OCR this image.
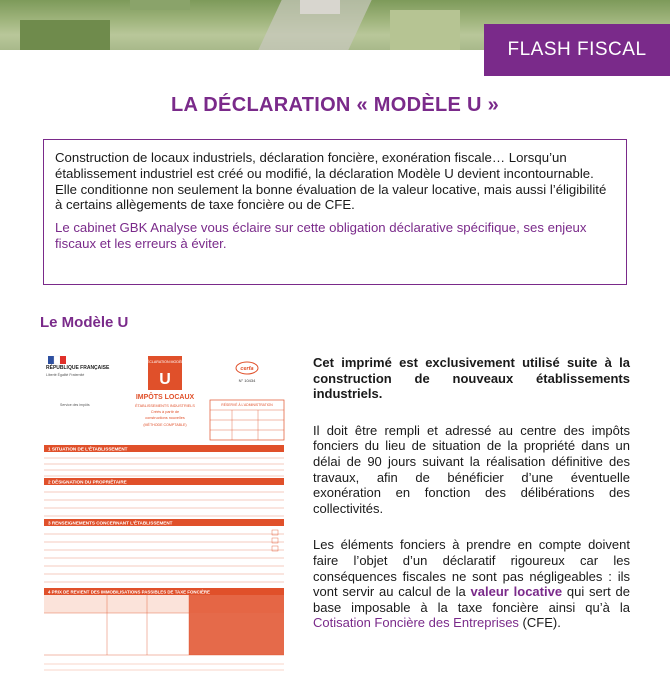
FLASH FISCAL
LA DÉCLARATION « MODÈLE U »

Construction de locaux industriels, déclaration foncière, exonération fiscale… Lorsqu’un établissement industriel est créé ou modifié, la déclaration Modèle U devient incontournable. Elle conditionne non seulement la bonne évaluation de la valeur locative, mais aussi l’éligibilité à certains allègements de taxe foncière ou de CFE.

Le cabinet GBK Analyse vous éclaire sur cette obligation déclarative spécifique, ses enjeux fiscaux et les erreurs à éviter.

Le Modèle U
RÉPUBLIQUE FRANÇAISE
Liberté Égalité Fraternité
Service des impôts
DÉCLARATION MODÈLE
U
IMPÔTS LOCAUX
ÉTABLISSEMENTS INDUSTRIELS
Créés à partir de
constructions nouvelles
(MÉTHODE COMPTABLE)
cerfa
N° 10434
RÉSERVÉ À L’ADMINISTRATION
1 SITUATION DE L’ÉTABLISSEMENT
2 DÉSIGNATION DU PROPRIÉTAIRE
3 RENSEIGNEMENTS CONCERNANT L’ÉTABLISSEMENT
4 PRIX DE REVIENT DES IMMOBILISATIONS PASSIBLES DE TAXE FONCIÈRE

Cet imprimé est exclusivement utilisé suite à la construction de nouveaux établissements industriels.

Il doit être rempli et adressé au centre des impôts fonciers du lieu de situation de la propriété dans un délai de 90 jours suivant la réalisation définitive des travaux, afin de bénéficier d’une éventuelle exonération en fonction des délibérations des collectivités.

Les éléments fonciers à prendre en compte doivent faire l’objet d’un déclaratif rigoureux car les conséquences fiscales ne sont pas négligeables : ils vont servir au calcul de la valeur locative qui sert de base imposable à la taxe foncière ainsi qu’à la Cotisation Foncière des Entreprises (CFE).
